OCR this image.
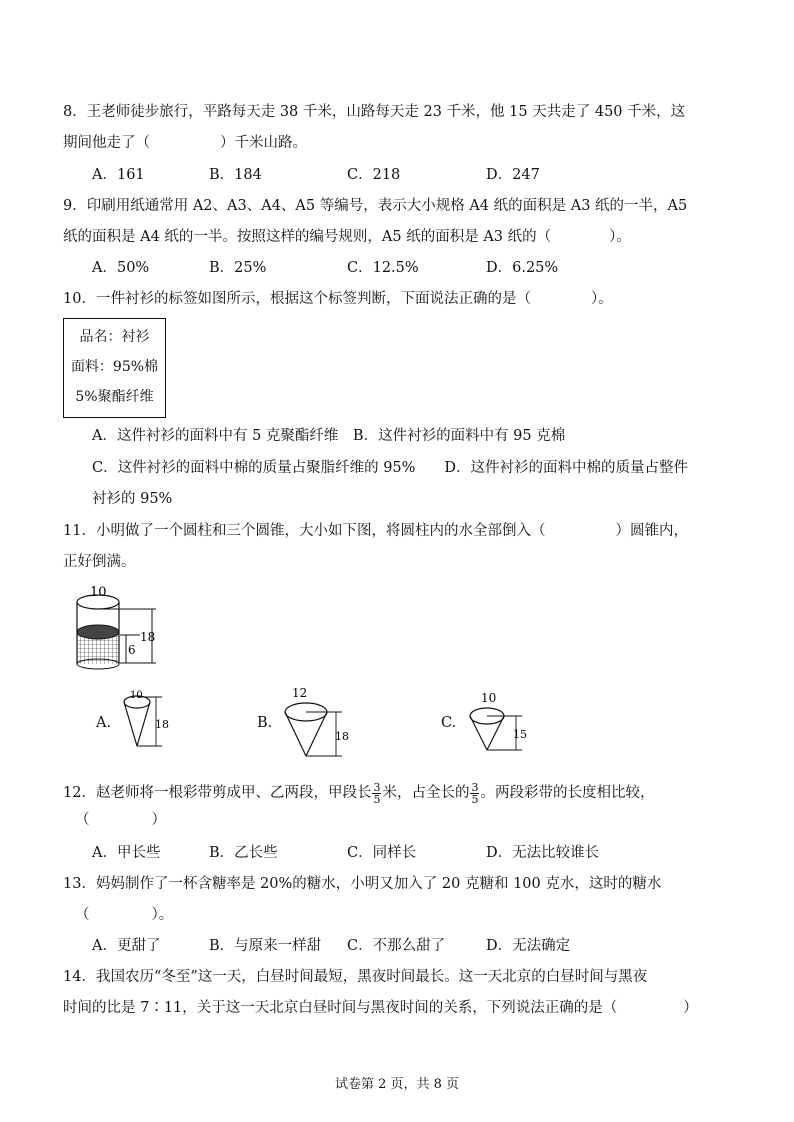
8．王老师徒步旅行，平路每天走 38 千米，山路每天走 23 千米，他 15 天共走了 450 千米，这
期间他走了（	）千米山路。
A．161	B．184	C．218	D．247
9．印刷用纸通常用 A2、A3、A4、A5 等编号，表示大小规格 A4 纸的面积是 A3 纸的一半，A5
纸的面积是 A4 纸的一半。按照这样的编号规则，A5 纸的面积是 A3 纸的（	）。
A．50%	B．25%	C．12.5%	D．6.25%
10．一件衬衫的标签如图所示，根据这个标签判断，下面说法正确的是（	）。
品名：衬衫
面料：95%棉
5%聚酯纤维
A．这件衬衫的面料中有 5 克聚酯纤维　B．这件衬衫的面料中有 95 克棉
C．这件衬衫的面料中棉的质量占聚脂纤维的 95%　　D．这件衬衫的面料中棉的质量占整件
衬衫的 95%
11．小明做了一个圆柱和三个圆锥，大小如下图，将圆柱内的水全部倒入（	）圆锥内，
正好倒满。
10
18
6
A.
10
18	B.
12
18
C.
10
15
12．赵老师将一根彩带剪成甲、乙两段，甲段长 $\frac{3}{5}$ 米，占全长的 $\frac{3}{5}$ 。两段彩带的长度相比较，
（	）
A．甲长些	B．乙长些	C．同样长	D．无法比较谁长
13．妈妈制作了一杯含糖率是 20%的糖水，小明又加入了 20 克糖和 100 克水，这时的糖水
（	）。
A．更甜了	B．与原来一样甜 C．不那么甜了	D．无法确定
14．我国农历“冬至”这一天，白昼时间最短，黑夜时间最长。这一天北京的白昼时间与黑夜
时间的比是 7∶11，关于这一天北京白昼时间与黑夜时间的关系，下列说法正确的是（	）
试卷第 2 页，共 8 页
